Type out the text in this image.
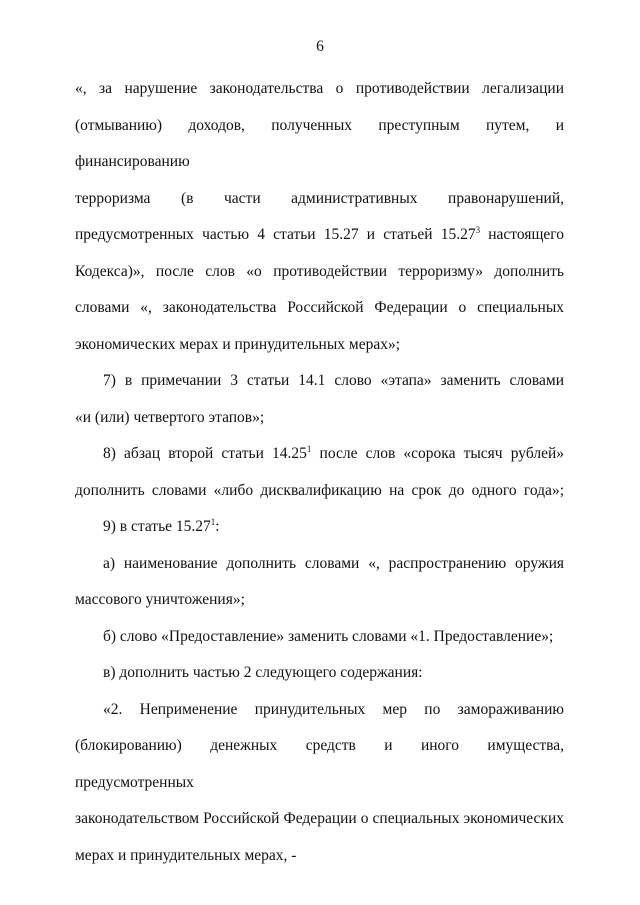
6
«, за нарушение законодательства о противодействии легализации
(отмыванию) доходов, полученных преступным путем, и финансированию
терроризма (в части административных правонарушений,
предусмотренных частью 4 статьи 15.27 и статьей 15.27$^3$ настоящего
Кодекса)», после слов «о противодействии терроризму» дополнить
словами «, законодательства Российской Федерации о специальных
экономических мерах и принудительных мерах»;
7) в примечании 3 статьи 14.1 слово «этапа» заменить словами
«и (или) четвертого этапов»;
8) абзац второй статьи 14.25$^1$ после слов «сорока тысяч рублей»
дополнить словами «либо дисквалификацию на срок до одного года»;
9) в статье 15.27$^1$:
а) наименование дополнить словами «, распространению оружия
массового уничтожения»;
б) слово «Предоставление» заменить словами «1. Предоставление»;
в) дополнить частью 2 следующего содержания:
«2. Неприменение принудительных мер по замораживанию
(блокированию) денежных средств и иного имущества, предусмотренных
законодательством Российской Федерации о специальных экономических
мерах и принудительных мерах, -
